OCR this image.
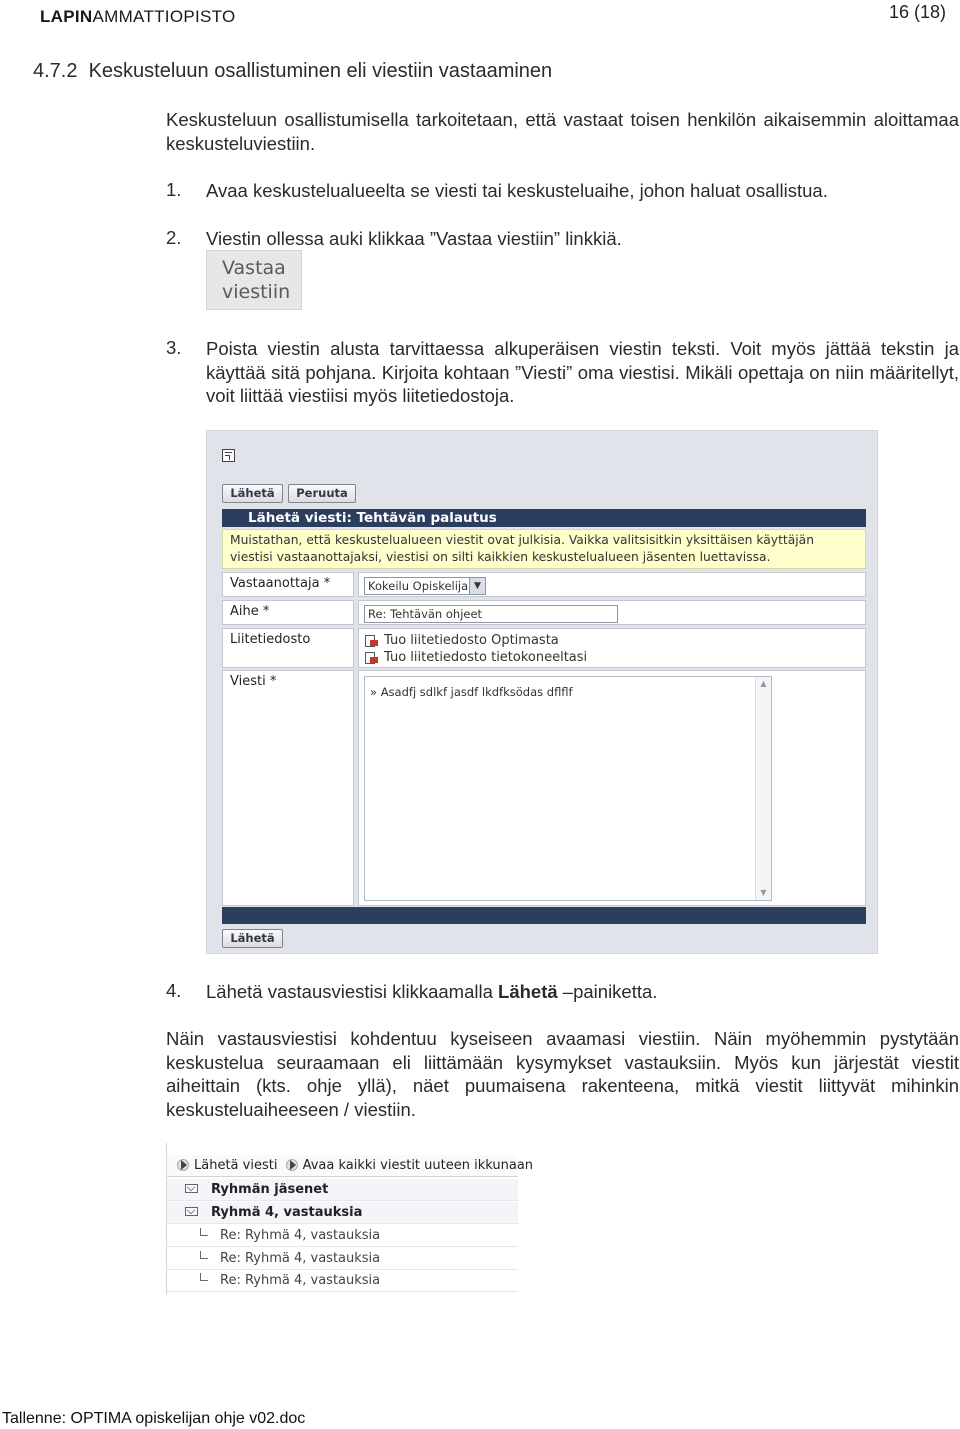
LAPINAMMATTIOPISTO	16 (18)
4.7.2  Keskusteluun osallistuminen eli viestiin vastaaminen
Keskusteluun osallistumisella tarkoitetaan, että vastaat toisen henkilön aikaisemmin aloittamaa keskusteluviestiin.
1. Avaa keskustelualueelta se viesti tai keskusteluaihe, johon haluat osallistua.
2. Viestin ollessa auki klikkaa ”Vastaa viestiin” linkkiä.
Vastaa
viestiin
3. Poista viestin alusta tarvittaessa alkuperäisen viestin teksti. Voit myös jättää tekstin ja käyttää sitä pohjana. Kirjoita kohtaan ”Viesti” oma viestisi. Mikäli opettaja on niin määritellyt, voit liittää viestiisi myös liitetiedostoja.
Lähetä	Peruuta
Lähetä viesti: Tehtävän palautus
Muistathan, että keskustelualueen viestit ovat julkisia. Vaikka valitsisitkin yksittäisen käyttäjän
viestisi vastaanottajaksi, viestisi on silti kaikkien keskustelualueen jäsenten luettavissa.
Vastaanottaja *	Kokeilu Opiskelija ▼
Aihe *	Re: Tehtävän ohjeet
Liitetiedosto	Tuo liitetiedosto Optimasta
Tuo liitetiedosto tietokoneeltasi
Viesti *
» Asadfj sdlkf jasdf lkdfksödas dflflf
▲
▼
Lähetä
4. Lähetä vastausviestisi klikkaamalla Lähetä –painiketta.
Näin vastausviestisi kohdentuu kyseiseen avaamasi viestiin. Näin myöhemmin pystytään keskustelua seuraamaan eli liittämään kysymykset vastauksiin. Myös kun järjestät viestit aiheittain (kts. ohje yllä), näet puumaisena rakenteena, mitkä viestit liittyvät mihinkin keskusteluaiheeseen / viestiin.
Lähetä viesti Avaa kaikki viestit uuteen ikkunaan
Ryhmän jäsenet
Ryhmä 4, vastauksia
Re: Ryhmä 4, vastauksia
Re: Ryhmä 4, vastauksia
Re: Ryhmä 4, vastauksia
Tallenne: OPTIMA opiskelijan ohje v02.doc
